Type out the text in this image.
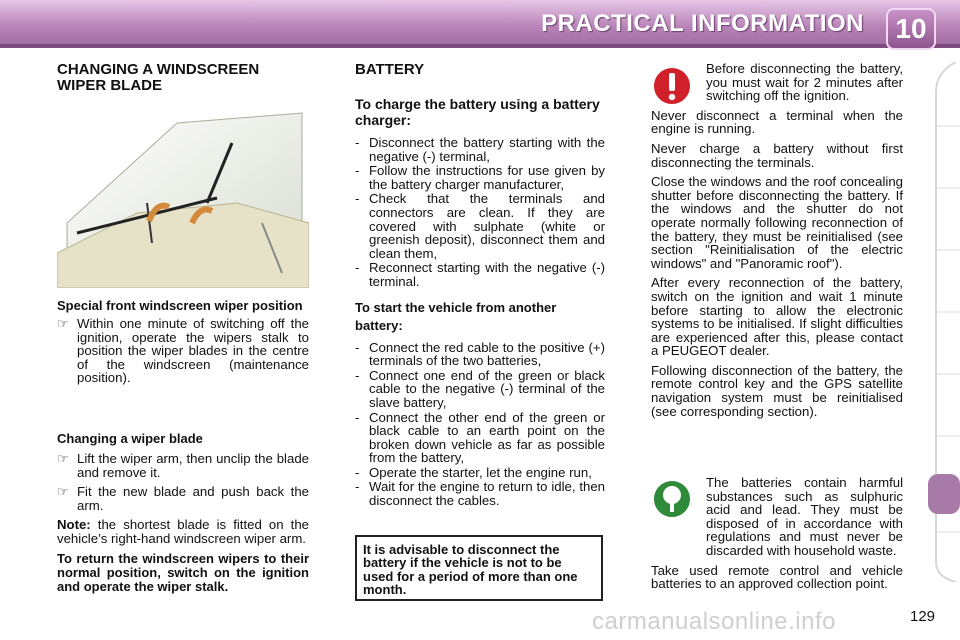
PRACTICAL INFORMATION	10
CHANGING A WINDSCREEN WIPER BLADE
Special front windscreen wiper position
☞ Within one minute of switching off the ignition, operate the wipers stalk to position the wiper blades in the centre of the windscreen (maintenance position).
Changing a wiper blade
☞ Lift the wiper arm, then unclip the blade and remove it.
☞ Fit the new blade and push back the arm.

Note: the shortest blade is fitted on the vehicle’s right-hand windscreen wiper arm.

To return the windscreen wipers to their normal position, switch on the ignition and operate the wiper stalk.

BATTERY
To charge the battery using a battery charger:
- Disconnect the battery starting with the negative (-) terminal,
- Follow the instructions for use given by the battery charger manufacturer,
- Check that the terminals and connectors are clean. If they are covered with sulphate (white or greenish deposit), disconnect them and clean them,
- Reconnect starting with the negative (-) terminal.
To start the vehicle from another battery:
- Connect the red cable to the positive (+) terminals of the two batteries,
- Connect one end of the green or black cable to the negative (-) terminal of the slave battery,
- Connect the other end of the green or black cable to an earth point on the broken down vehicle as far as possible from the battery,
- Operate the starter, let the engine run,
- Wait for the engine to return to idle, then disconnect the cables.
It is advisable to disconnect the battery if the vehicle is not to be used for a period of more than one month.

Before disconnecting the battery, you must wait for 2 minutes after switching off the ignition.

Never disconnect a terminal when the engine is running.

Never charge a battery without first disconnecting the terminals.

Close the windows and the roof concealing shutter before disconnecting the battery. If the windows and the shutter do not operate normally following reconnection of the battery, they must be reinitialised (see section "Reinitialisation of the electric windows" and "Panoramic roof").

After every reconnection of the battery, switch on the ignition and wait 1 minute before starting to allow the electronic systems to be initialised. If slight difficulties are experienced after this, please contact a PEUGEOT dealer.

Following disconnection of the battery, the remote control key and the GPS satellite navigation system must be reinitialised (see corresponding section).

The batteries contain harmful substances such as sulphuric acid and lead. They must be disposed of in accordance with regulations and must never be discarded with household waste.

Take used remote control and vehicle batteries to an approved collection point.

carmanualsonline.info	129
